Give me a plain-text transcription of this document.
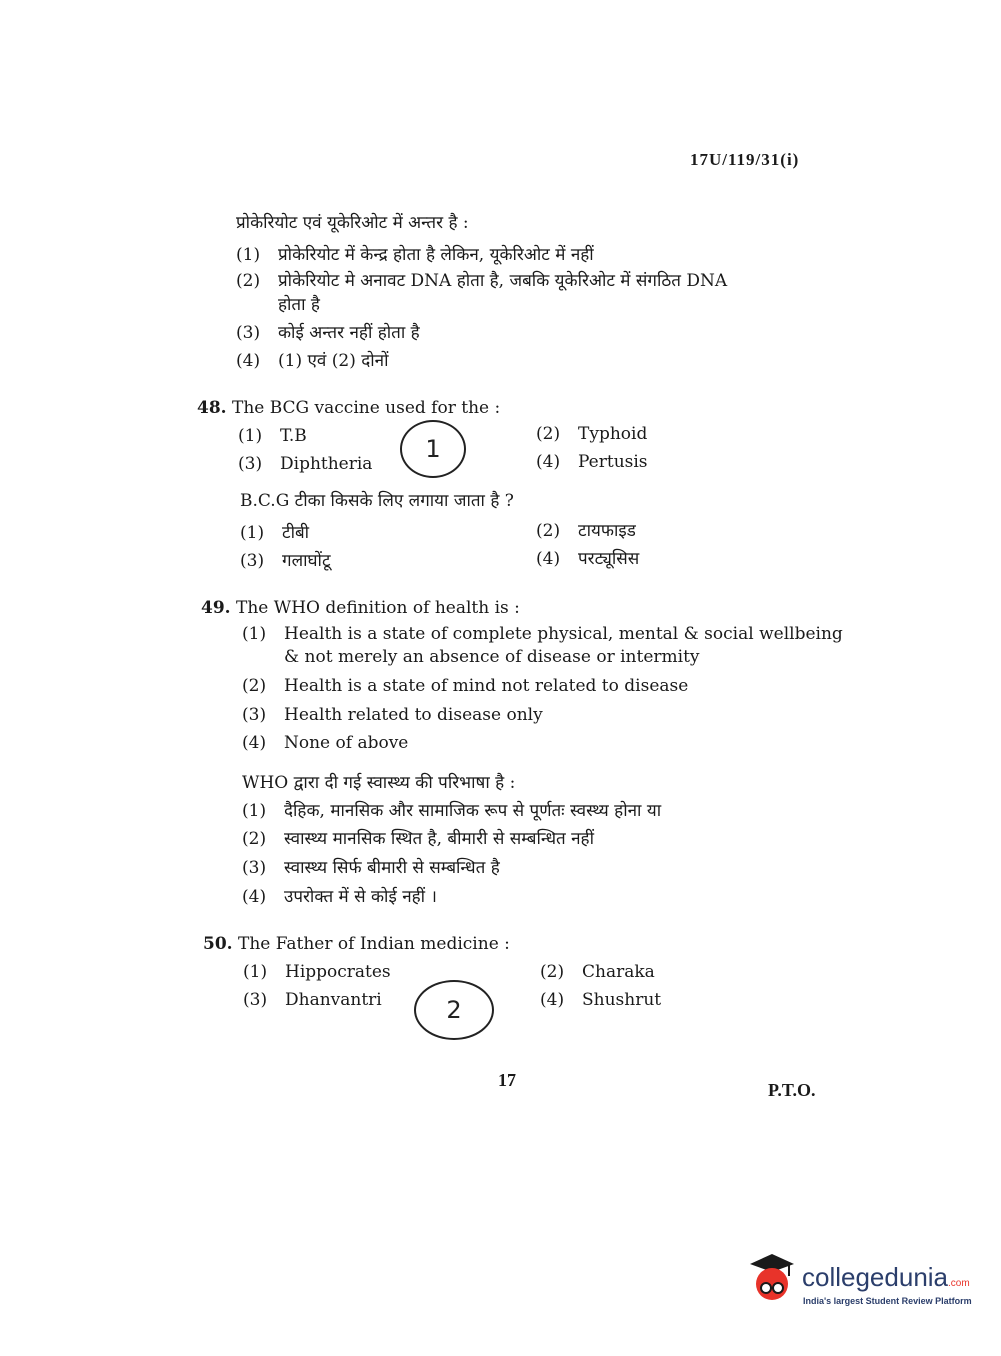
17U/119/31(i)
प्रोकेरियोट एवं यूकेरिओट में अन्तर है :
(1) प्रोकेरियोट में केन्द्र होता है लेकिन, यूकेरिओट में नहीं
(2) प्रोकेरियोट मे अनावट DNA होता है, जबकि यूकेरिओट में संगठित DNA
होता है
(3) कोई अन्तर नहीं होता है
(4) (1) एवं (2) दोनों
48. The BCG vaccine used for the :
(1) T.B	(2) Typhoid
(3) Diphtheria	(4) Pertusis
1
B.C.G टीका किसके लिए लगाया जाता है ?
(1) टीबी	(2) टायफाइड
(3) गलाघोंटू	(4) परट्यूसिस
49. The WHO definition of health is :
(1) Health is a state of complete physical, mental & social wellbeing
& not merely an absence of disease or intermity
(2) Health is a state of mind not related to disease
(3) Health related to disease only
(4) None of above
WHO द्वारा दी गई स्वास्थ्य की परिभाषा है :
(1) दैहिक, मानसिक और सामाजिक रूप से पूर्णतः स्वस्थ्य होना या
(2) स्वास्थ्य मानसिक स्थित है, बीमारी से सम्बन्धित नहीं
(3) स्वास्थ्य सिर्फ बीमारी से सम्बन्धित है
(4) उपरोक्त में से कोई नहीं ।
50. The Father of Indian medicine :
(1) Hippocrates	(2) Charaka
(3) Dhanvantri	(4) Shushrut
2
17	P.T.O.
collegedunia.com
India's largest Student Review Platform
